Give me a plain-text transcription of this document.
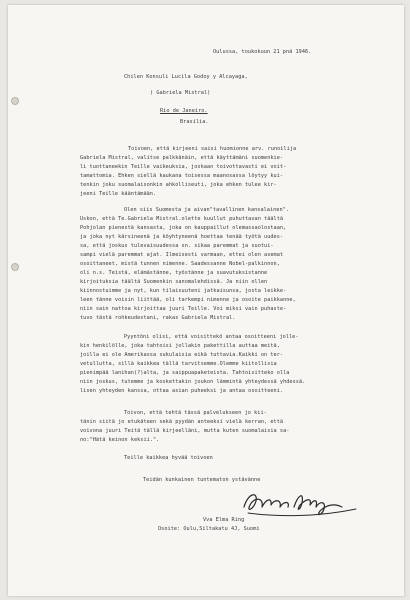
Oulussa, toukokuun 21 pnä 1946.
Chilen Konsuli Lucila Godoy y Alcayaga,
( Gabriela Mistral)
Rio de Janeiro.
Brasilia.
Toivoen, että kirjeeni saisi huomionne arv. runoilija
Gabriela Mistral, valitse palkkänäin, että käyttämäni suomenkie-
li tuottaneekin Teille vaikeuksia, joskaan toivottavasti ei voit-
tamattomia. Ehken siellä kaukana toisessa maanosassa löytyy kui-
tenkin joku suomalaisonkin ahkolliseuti, joka ehken tulee kir-
jeeni Teille kääntämään.
Olen siis Suomesta ja aivan"tavallinen kansalainen".
Uskon, että Te.Gabriela Mistral.olette kuullut puhuttavan täältä
Pohjolan pienestä kansasta, joka on kauppaillut olemassaolostaan,
ja joka nyt kärsineenä ja köyhtyneenä hoettaa tenää työtä uudes-
sa, että joskus tulevaisuudessa sn. sikaa paremmat ja suotui-
sampi vielä paremmat ajat. Ilmeisesti varmaan, ettei olen asemat
osoittaneet, mistä tunnen nimenne. Saadessanne Nobel-palkinnon,
oli n.s. Teistä, elämästänne, työstänne ja suavutuksistanne
kirjoituksia täältä Suomenkin sanomalehdissä. Ja niin ollen
kiinnostuimme ja nyt, kun tilaisuuteni jatkaisunsa, josta leikke-
leen tänne voisin liittää, oli tarkempi nimenne ja osoite paikkanne,
niin sain nattoa kirjoittaa juuri Teille. Voi miksi vain puhaste-
tuvo tästä rohkeudestani, rakas Gabriela Mistral.
Pyyntöni olisi, että voisittekö antaa osoitteeni jolle-
kin henkilölle, joka tahtoisi jollakin pakettilla auttaa meitä,
joilla ei ole Amerikassa sukulaisia eikä tuttavia.Kaikki on ter-
vetullutta, sillä kaikkea tällä tarvitsemme.Olemme kiitollisia
pienimpää lanihan(?)alta, ja saippuapaketeista. Tahtoisitteko olla
niin joskus, tutemme ja koskettakin joukon lämmintä yhteydessä yhdessä.
lisen yhteyden kanssa, ottaa asian puheeksi ja antaa osoitteeni.
Toivon, että tehtä tässä palvelukseen jo kii-
tänin siitä jo etukäteen sekä pyydän anteeksi vielä kerran, että
voivona juuri Teitä tällä kirjeelläni, mutta kuten suomalaisia sa-
no:"Hätä keinon keksii.".
Teille kaikkea hyvää toivoen
Teidän kunkainen tuntematon ystävänne
Vva Elma Ring
Osoite: Oulu,Siltakatu 4J, Suomi
